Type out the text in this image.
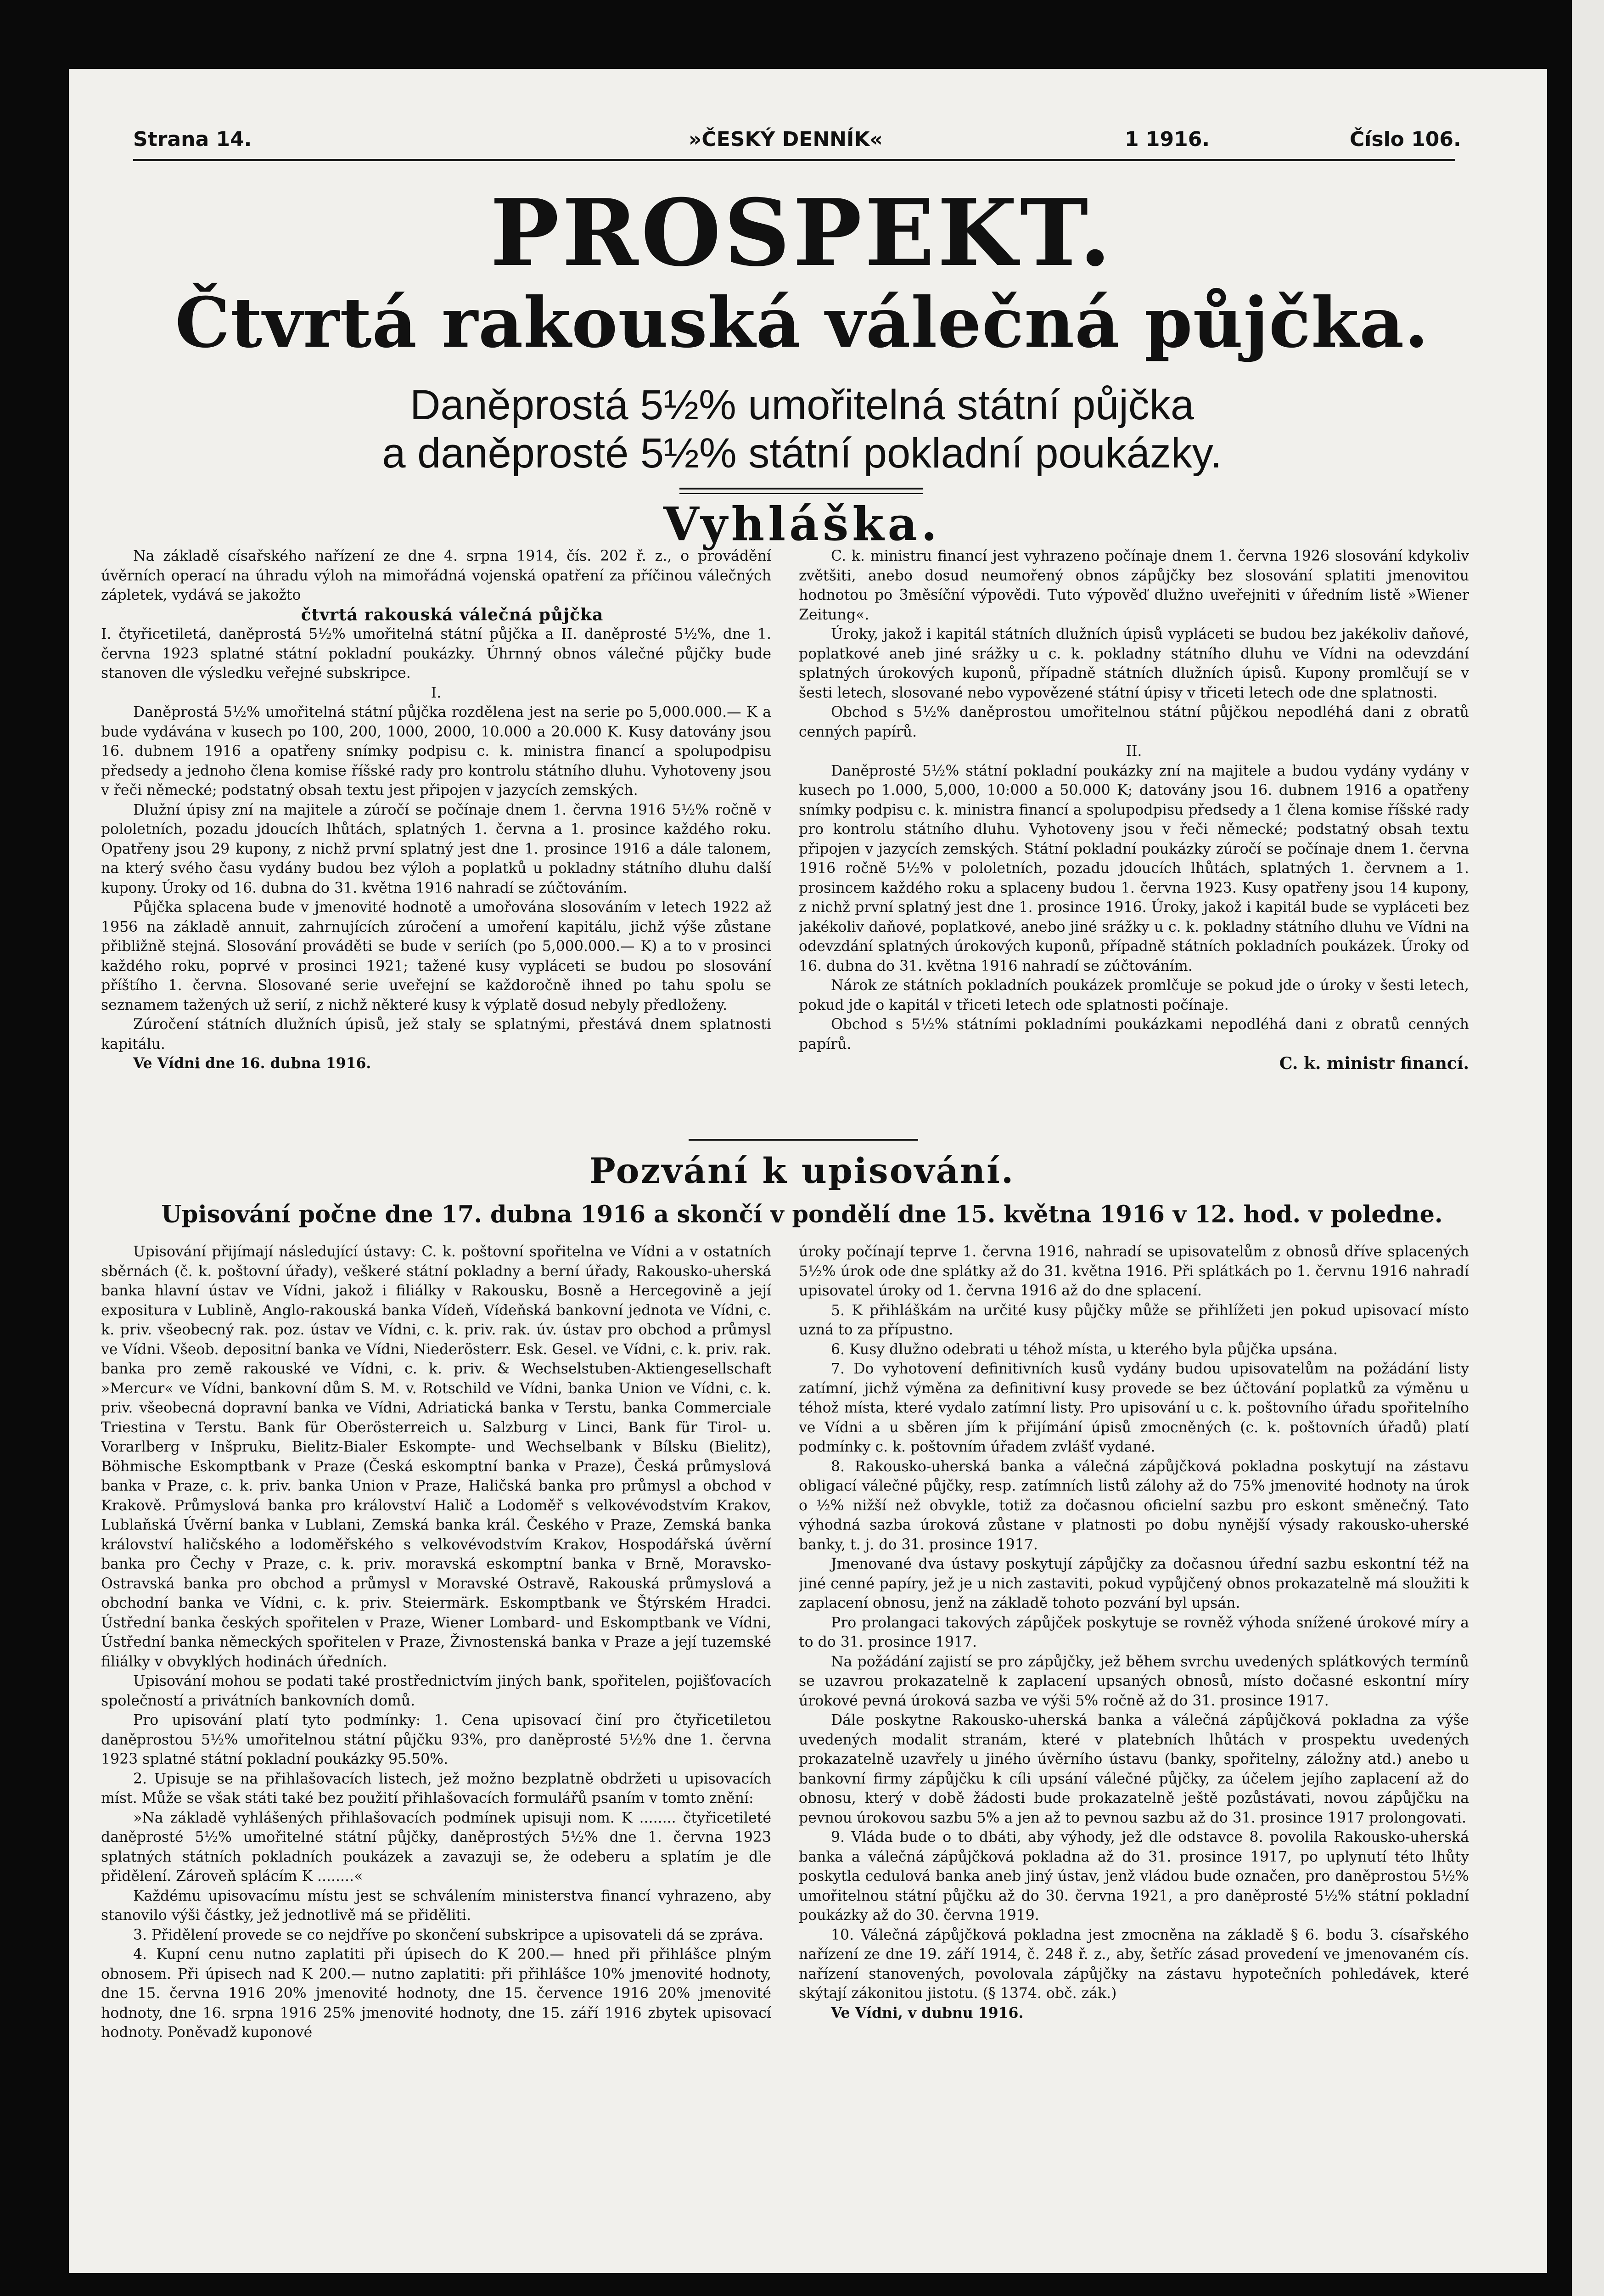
Strana 14.	»ČESKÝ DENNÍK«	1 1916.	Číslo 106.
PROSPEKT.
Čtvrtá rakouská válečná půjčka.
Daněprostá 5½% umořitelná státní půjčka
a daněprosté 5½% státní pokladní poukázky.
Vyhláška.

Na základě císařského nařízení ze dne 4. srpna 1914, čís. 202 ř. z., o provádění úvěrních operací na úhradu výloh na mimořádná vojenská opatření za příčinou válečných zápletek, vydává se jakožto

čtvrtá rakouská válečná půjčka

I. čtyřicetiletá, daněprostá 5½% umořitelná státní půjčka a II. daněprosté 5½%, dne 1. června 1923 splatné státní pokladní poukázky. Úhrnný obnos válečné půjčky bude stanoven dle výsledku veřejné subskripce.

I.

Daněprostá 5½% umořitelná státní půjčka rozdělena jest na serie po 5,000.000.— K a bude vydávána v kusech po 100, 200, 1000, 2000, 10.000 a 20.000 K. Kusy datovány jsou 16. dubnem 1916 a opatřeny snímky podpisu c. k. ministra financí a spolupodpisu předsedy a jednoho člena komise říšské rady pro kontrolu státního dluhu. Vyhotoveny jsou v řeči německé; podstatný obsah textu jest připojen v jazycích zemských.

Dlužní úpisy zní na majitele a zúročí se počínaje dnem 1. června 1916 5½% ročně v pololetních, pozadu jdoucích lhůtách, splatných 1. června a 1. prosince každého roku. Opatřeny jsou 29 kupony, z nichž první splatný jest dne 1. prosince 1916 a dále talonem, na který svého času vydány budou bez výloh a poplatků u pokladny státního dluhu další kupony. Úroky od 16. dubna do 31. května 1916 nahradí se zúčtováním.

Půjčka splacena bude v jmenovité hodnotě a umořována slosováním v letech 1922 až 1956 na základě annuit, zahrnujících zúročení a umoření kapitálu, jichž výše zůstane přibližně stejná. Slosování prováděti se bude v seriích (po 5,000.000.— K) a to v prosinci každého roku, poprvé v prosinci 1921; tažené kusy vypláceti se budou po slosování příštího 1. června. Slosované serie uveřejní se každoročně ihned po tahu spolu se seznamem tažených už serií, z nichž některé kusy k výplatě dosud nebyly předloženy.

Zúročení státních dlužních úpisů, jež staly se splatnými, přestává dnem splatnosti kapitálu.

Ve Vídni dne 16. dubna 1916.

C. k. ministru financí jest vyhrazeno počínaje dnem 1. června 1926 slosování kdykoliv zvětšiti, anebo dosud neumořený obnos zápůjčky bez slosování splatiti jmenovitou hodnotou po 3měsíční výpovědi. Tuto výpověď dlužno uveřejniti v úředním listě »Wiener Zeitung«.

Úroky, jakož i kapitál státních dlužních úpisů vypláceti se budou bez jakékoliv daňové, poplatkové aneb jiné srážky u c. k. pokladny státního dluhu ve Vídni na odevzdání splatných úrokových kuponů, případně státních dlužních úpisů. Kupony promlčují se v šesti letech, slosované nebo vypovězené státní úpisy v třiceti letech ode dne splatnosti.

Obchod s 5½% daněprostou umořitelnou státní půjčkou nepodléhá dani z obratů cenných papírů.

II.

Daněprosté 5½% státní pokladní poukázky zní na majitele a budou vydány vydány v kusech po 1.000, 5,000, 10:000 a 50.000 K; datovány jsou 16. dubnem 1916 a opatřeny snímky podpisu c. k. ministra financí a spolupodpisu předsedy a 1 člena komise říšské rady pro kontrolu státního dluhu. Vyhotoveny jsou v řeči německé; podstatný obsah textu připojen v jazycích zemských. Státní pokladní poukázky zúročí se počínaje dnem 1. června 1916 ročně 5½% v pololetních, pozadu jdoucích lhůtách, splatných 1. červnem a 1. prosincem každého roku a splaceny budou 1. června 1923. Kusy opatřeny jsou 14 kupony, z nichž první splatný jest dne 1. prosince 1916. Úroky, jakož i kapitál bude se vypláceti bez jakékoliv daňové, poplatkové, anebo jiné srážky u c. k. pokladny státního dluhu ve Vídni na odevzdání splatných úrokových kuponů, případně státních pokladních poukázek. Úroky od 16. dubna do 31. května 1916 nahradí se zúčtováním.

Nárok ze státních pokladních poukázek promlčuje se pokud jde o úroky v šesti letech, pokud jde o kapitál v třiceti letech ode splatnosti počínaje.

Obchod s 5½% státními pokladními poukázkami nepodléhá dani z obratů cenných papírů.

C. k. ministr financí.

Pozvání k upisování.
Upisování počne dne 17. dubna 1916 a skončí v pondělí dne 15. května 1916 v 12. hod. v poledne.

Upisování přijímají následující ústavy: C. k. poštovní spořitelna ve Vídni a v ostatních sběrnách (č. k. poštovní úřady), veškeré státní pokladny a berní úřady, Rakousko-uherská banka hlavní ústav ve Vídni, jakož i filiálky v Rakousku, Bosně a Hercegovině a její expositura v Lublině, Anglo-rakouská banka Vídeň, Vídeňská bankovní jednota ve Vídni, c. k. priv. všeobecný rak. poz. ústav ve Vídni, c. k. priv. rak. úv. ústav pro obchod a průmysl ve Vídni. Všeob. depositní banka ve Vídni, Niederösterr. Esk. Gesel. ve Vídni, c. k. priv. rak. banka pro země rakouské ve Vídni, c. k. priv. & Wechselstuben-Aktiengesellschaft »Mercur« ve Vídni, bankovní dům S. M. v. Rotschild ve Vídni, banka Union ve Vídni, c. k. priv. všeobecná dopravní banka ve Vídni, Adriatická banka v Terstu, banka Commerciale Triestina v Terstu. Bank für Oberösterreich u. Salzburg v Linci, Bank für Tirol- u. Vorarlberg v Inšpruku, Bielitz-Bialer Eskompte- und Wechselbank v Bílsku (Bielitz), Böhmische Eskomptbank v Praze (Česká eskomptní banka v Praze), Česká průmyslová banka v Praze, c. k. priv. banka Union v Praze, Haličská banka pro průmysl a obchod v Krakově. Průmyslová banka pro království Halič a Lodoměř s velkovévodstvím Krakov, Lublaňská Úvěrní banka v Lublani, Zemská banka král. Českého v Praze, Zemská banka království haličského a lodoměřského s velkovévodstvím Krakov, Hospodářská úvěrní banka pro Čechy v Praze, c. k. priv. moravská eskomptní banka v Brně, Moravsko-Ostravská banka pro obchod a průmysl v Moravské Ostravě, Rakouská průmyslová a obchodní banka ve Vídni, c. k. priv. Steiermärk. Eskomptbank ve Štýrském Hradci. Ústřední banka českých spořitelen v Praze, Wiener Lombard- und Eskomptbank ve Vídni, Ústřední banka německých spořitelen v Praze, Živnostenská banka v Praze a její tuzemské filiálky v obvyklých hodinách úředních.

Upisování mohou se podati také prostřednictvím jiných bank, spořitelen, pojišťovacích společností a privátních bankovních domů.

Pro upisování platí tyto podmínky: 1. Cena upisovací činí pro čtyřicetiletou daněprostou 5½% umořitelnou státní půjčku 93%, pro daněprosté 5½% dne 1. června 1923 splatné státní pokladní poukázky 95.50%.

2. Upisuje se na přihlašovacích listech, jež možno bezplatně obdržeti u upisovacích míst. Může se však státi také bez použití přihlašovacích formulářů psaním v tomto znění:

»Na základě vyhlášených přihlašovacích podmínek upisuji nom. K ........ čtyřicetileté daněprosté 5½% umořitelné státní půjčky, daněprostých 5½% dne 1. června 1923 splatných státních pokladních poukázek a zavazuji se, že odeberu a splatím je dle přidělení. Zároveň splácím K ........«

Každému upisovacímu místu jest se schválením ministerstva financí vyhrazeno, aby stanovilo výši částky, jež jednotlivě má se přiděliti.

3. Přidělení provede se co nejdříve po skončení subskripce a upisovateli dá se zpráva.

4. Kupní cenu nutno zaplatiti při úpisech do K 200.— hned při přihlášce plným obnosem. Při úpisech nad K 200.— nutno zaplatiti: při přihlášce 10% jmenovité hodnoty, dne 15. června 1916 20% jmenovité hodnoty, dne 15. července 1916 20% jmenovité hodnoty, dne 16. srpna 1916 25% jmenovité hodnoty, dne 15. září 1916 zbytek upisovací hodnoty. Poněvadž kuponové

úroky počínají teprve 1. června 1916, nahradí se upisovatelům z obnosů dříve splacených 5½% úrok ode dne splátky až do 31. května 1916. Při splátkách po 1. červnu 1916 nahradí upisovatel úroky od 1. června 1916 až do dne splacení.

5. K přihláškám na určité kusy půjčky může se přihlížeti jen pokud upisovací místo uzná to za přípustno.

6. Kusy dlužno odebrati u téhož místa, u kterého byla půjčka upsána.

7. Do vyhotovení definitivních kusů vydány budou upisovatelům na požádání listy zatímní, jichž výměna za definitivní kusy provede se bez účtování poplatků za výměnu u téhož místa, které vydalo zatímní listy. Pro upisování u c. k. poštovního úřadu spořitelního ve Vídni a u sběren jím k přijímání úpisů zmocněných (c. k. poštovních úřadů) platí podmínky c. k. poštovním úřadem zvlášť vydané.

8. Rakousko-uherská banka a válečná zápůjčková pokladna poskytují na zástavu obligací válečné půjčky, resp. zatímních listů zálohy až do 75% jmenovité hodnoty na úrok o ½% nižší než obvykle, totiž za dočasnou oficielní sazbu pro eskont směnečný. Tato výhodná sazba úroková zůstane v platnosti po dobu nynější výsady rakousko-uherské banky, t. j. do 31. prosince 1917.

Jmenované dva ústavy poskytují zápůjčky za dočasnou úřední sazbu eskontní též na jiné cenné papíry, jež je u nich zastaviti, pokud vypůjčený obnos prokazatelně má sloužiti k zaplacení obnosu, jenž na základě tohoto pozvání byl upsán.

Pro prolangaci takových zápůjček poskytuje se rovněž výhoda snížené úrokové míry a to do 31. prosince 1917.

Na požádání zajistí se pro zápůjčky, jež během svrchu uvedených splátkových termínů se uzavrou prokazatelně k zaplacení upsaných obnosů, místo dočasné eskontní míry úrokové pevná úroková sazba ve výši 5% ročně až do 31. prosince 1917.

Dále poskytne Rakousko-uherská banka a válečná zápůjčková pokladna za výše uvedených modalit stranám, které v platebních lhůtách v prospektu uvedených prokazatelně uzavřely u jiného úvěrního ústavu (banky, spořitelny, záložny atd.) anebo u bankovní firmy zápůjčku k cíli upsání válečné půjčky, za účelem jejího zaplacení až do obnosu, který v době žádosti bude prokazatelně ještě pozůstávati, novou zápůjčku na pevnou úrokovou sazbu 5% a jen až to pevnou sazbu až do 31. prosince 1917 prolongovati.

9. Vláda bude o to dbáti, aby výhody, jež dle odstavce 8. povolila Rakousko-uherská banka a válečná zápůjčková pokladna až do 31. prosince 1917, po uplynutí této lhůty poskytla cedulová banka aneb jiný ústav, jenž vládou bude označen, pro daněprostou 5½% umořitelnou státní půjčku až do 30. června 1921, a pro daněprosté 5½% státní pokladní poukázky až do 30. června 1919.

10. Válečná zápůjčková pokladna jest zmocněna na základě § 6. bodu 3. císařského nařízení ze dne 19. září 1914, č. 248 ř. z., aby, šetříc zásad provedení ve jmenovaném cís. nařízení stanovených, povolovala zápůjčky na zástavu hypotečních pohledávek, které skýtají zákonitou jistotu. (§ 1374. obč. zák.)

Ve Vídni, v dubnu 1916.
